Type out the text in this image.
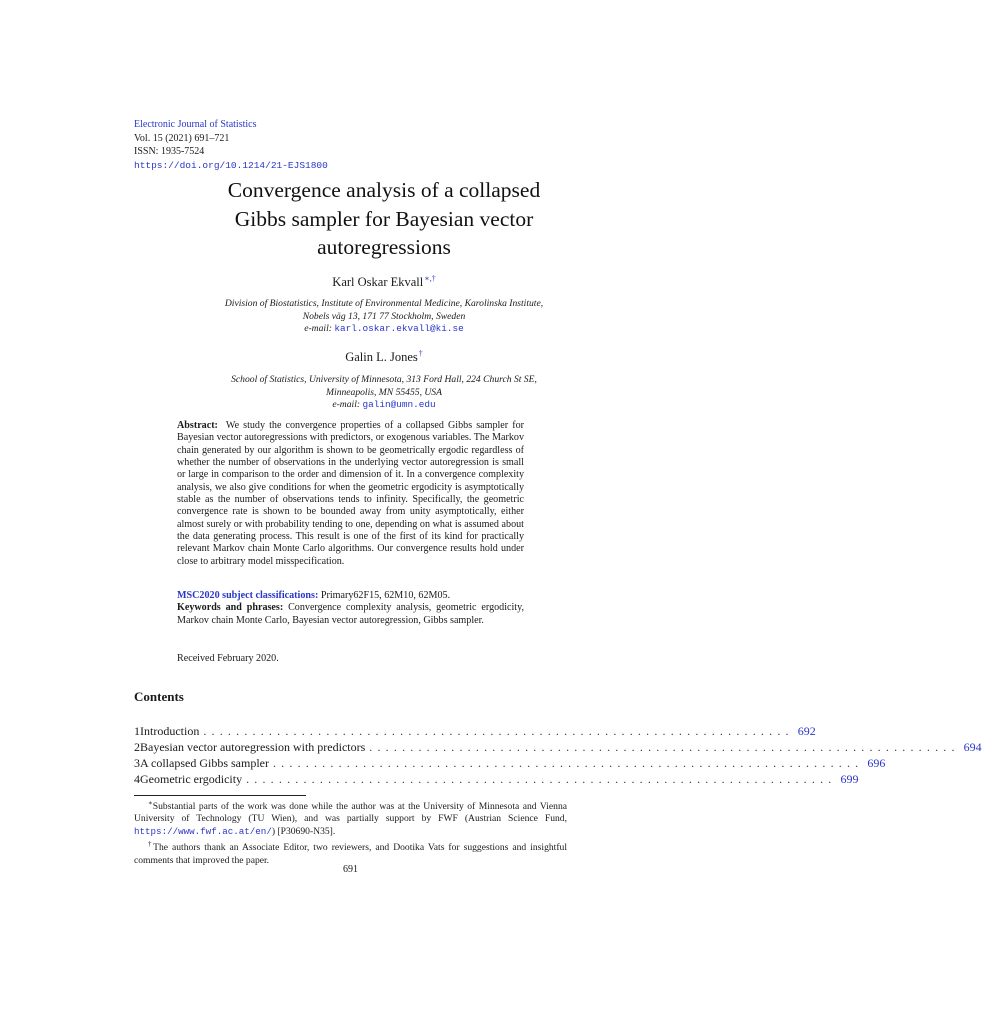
Electronic Journal of Statistics
Vol. 15 (2021) 691–721
ISSN: 1935-7524
https://doi.org/10.1214/21-EJS1800
Convergence analysis of a collapsed
Gibbs sampler for Bayesian vector
autoregressions
Karl Oskar Ekvall∗,†
Division of Biostatistics, Institute of Environmental Medicine, Karolinska Institute,
Nobels väg 13, 171 77 Stockholm, Sweden
e-mail: karl.oskar.ekvall@ki.se
Galin L. Jones†
School of Statistics, University of Minnesota, 313 Ford Hall, 224 Church St SE,
Minneapolis, MN 55455, USA
e-mail: galin@umn.edu
Abstract: We study the convergence properties of a collapsed Gibbs sampler for Bayesian vector autoregressions with predictors, or exogenous variables. The Markov chain generated by our algorithm is shown to be geometrically ergodic regardless of whether the number of observations in the underlying vector autoregression is small or large in comparison to the order and dimension of it. In a convergence complexity analysis, we also give conditions for when the geometric ergodicity is asymptotically stable as the number of observations tends to infinity. Specifically, the geometric convergence rate is shown to be bounded away from unity asymptotically, either almost surely or with probability tending to one, depending on what is assumed about the data generating process. This result is one of the first of its kind for practically relevant Markov chain Monte Carlo algorithms. Our convergence results hold under close to arbitrary model misspecification.
MSC2020 subject classifications: Primary62F15, 62M10, 62M05.
Keywords and phrases: Convergence complexity analysis, geometric ergodicity, Markov chain Monte Carlo, Bayesian vector autoregression, Gibbs sampler.
Received February 2020.
Contents
1 Introduction ........................................................................ 692
2 Bayesian vector autoregression with predictors ........................................................................ 694
3 A collapsed Gibbs sampler ........................................................................ 696
4 Geometric ergodicity ........................................................................ 699

∗Substantial parts of the work was done while the author was at the University of Minnesota and Vienna University of Technology (TU Wien), and was partially support by FWF (Austrian Science Fund, https://www.fwf.ac.at/en/) [P30690-N35].

†The authors thank an Associate Editor, two reviewers, and Dootika Vats for suggestions and insightful comments that improved the paper.

691
